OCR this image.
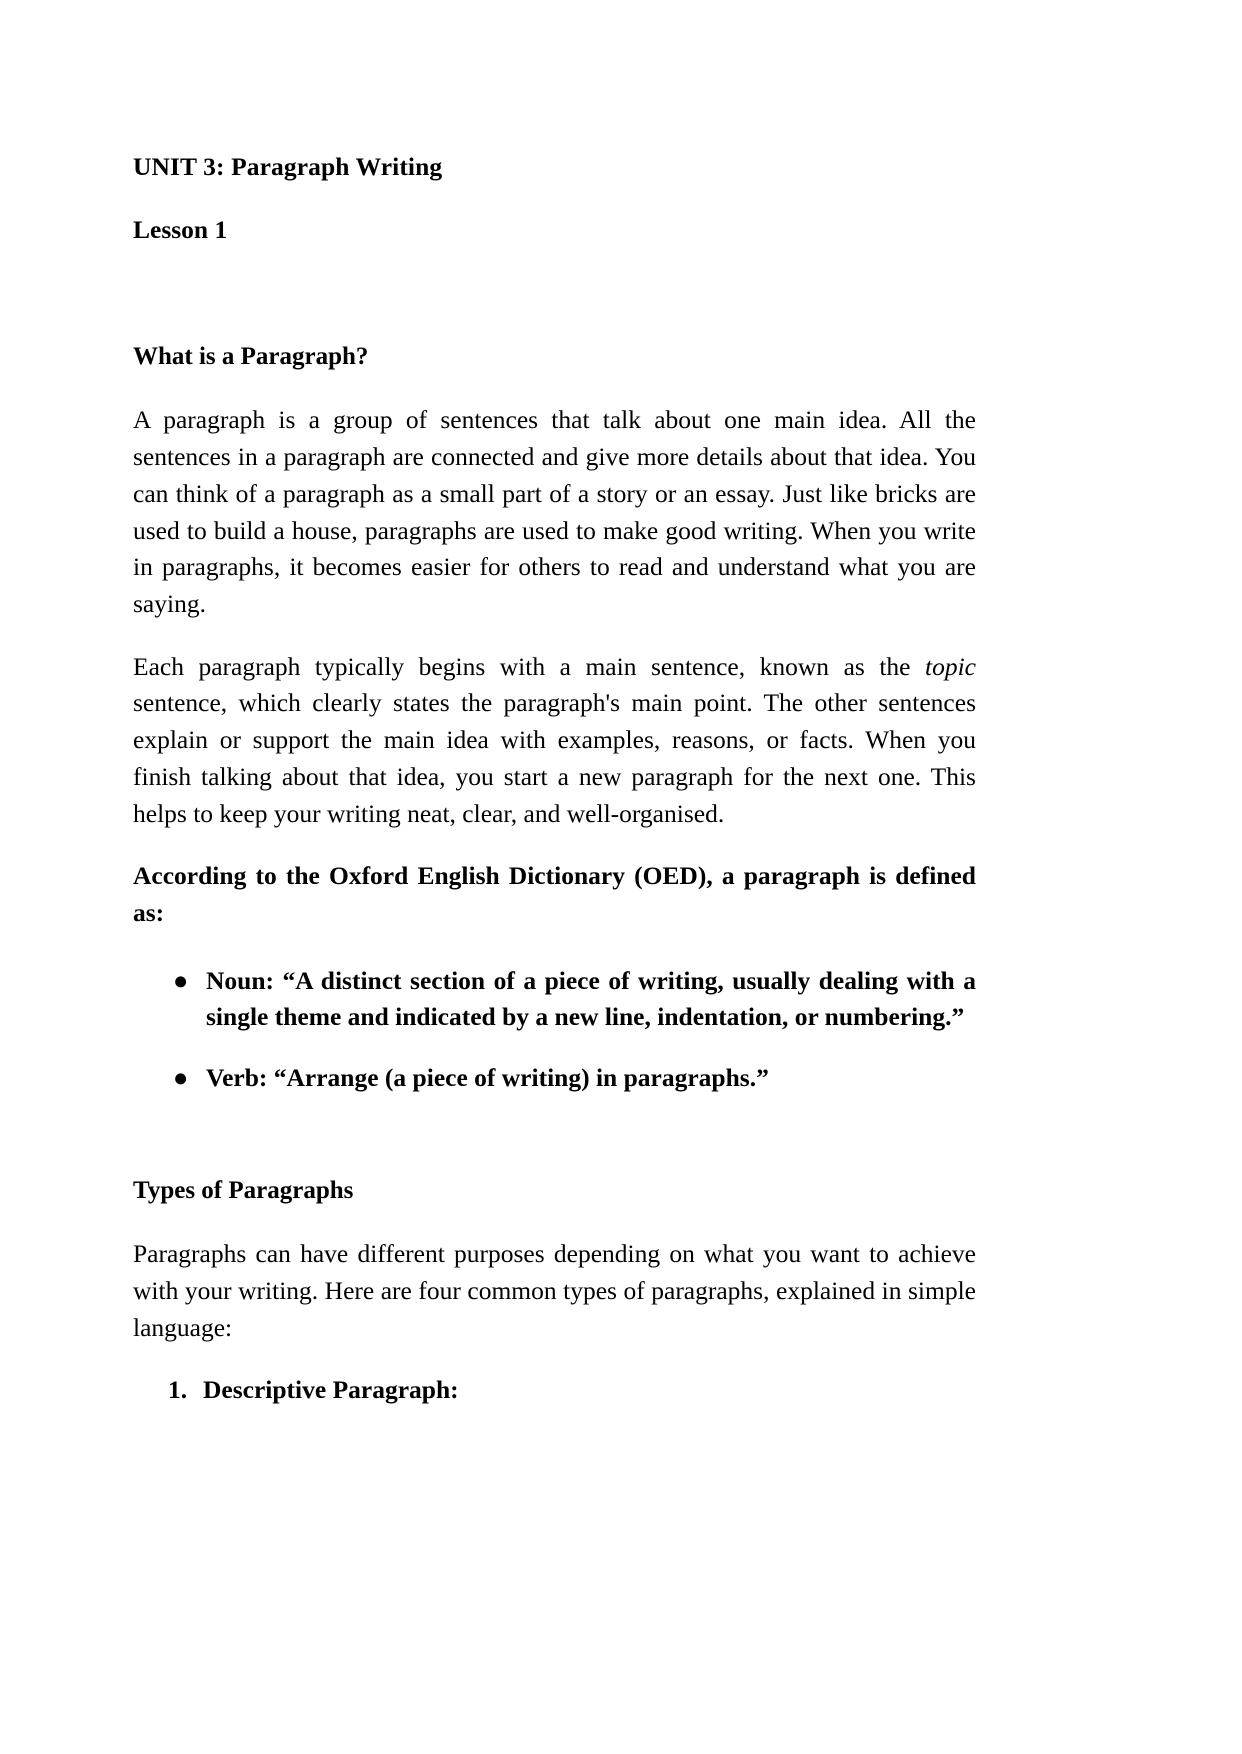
UNIT 3: Paragraph Writing
Lesson 1
What is a Paragraph?

A paragraph is a group of sentences that talk about one main idea. All the sentences in a paragraph are connected and give more details about that idea. You can think of a paragraph as a small part of a story or an essay. Just like bricks are used to build a house, paragraphs are used to make good writing. When you write in paragraphs, it becomes easier for others to read and understand what you are saying.

Each paragraph typically begins with a main sentence, known as the topic sentence, which clearly states the paragraph's main point. The other sentences explain or support the main idea with examples, reasons, or facts. When you finish talking about that idea, you start a new paragraph for the next one. This helps to keep your writing neat, clear, and well-organised.

According to the Oxford English Dictionary (OED), a paragraph is defined as:
● Noun: “A distinct section of a piece of writing, usually dealing with a single theme and indicated by a new line, indentation, or numbering.”
● Verb: “Arrange (a piece of writing) in paragraphs.”
Types of Paragraphs

Paragraphs can have different purposes depending on what you want to achieve with your writing. Here are four common types of paragraphs, explained in simple language:

1. Descriptive Paragraph:
